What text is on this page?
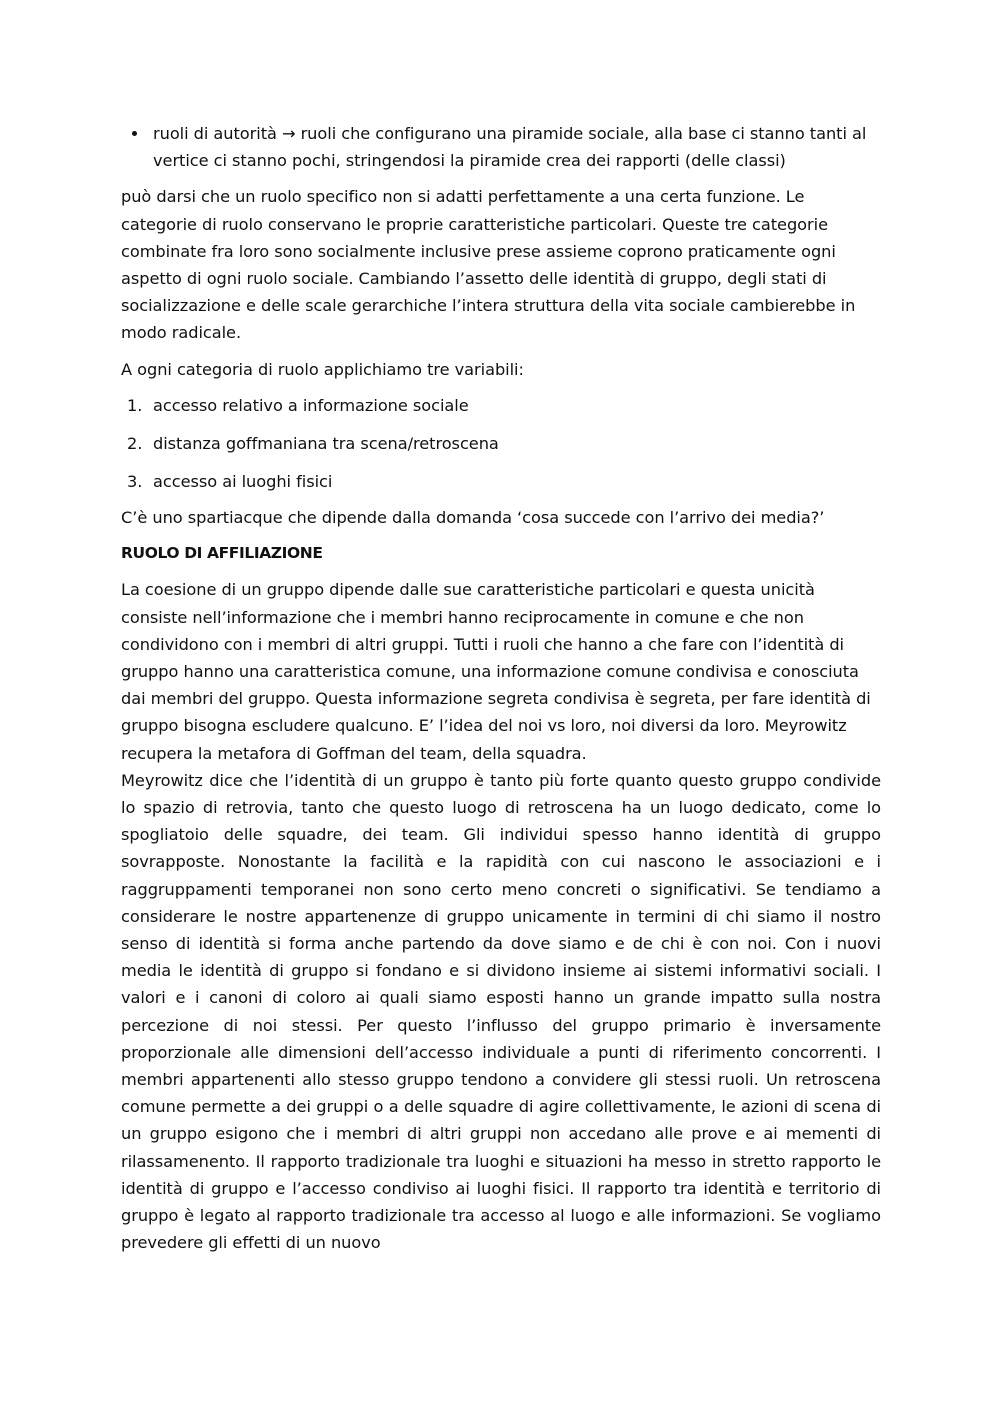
ruoli di autorità → ruoli che configurano una piramide sociale, alla base ci stanno tanti al vertice ci stanno pochi, stringendosi la piramide crea dei rapporti (delle classi)

può darsi che un ruolo specifico non si adatti perfettamente a una certa funzione. Le categorie di ruolo conservano le proprie caratteristiche particolari. Queste tre categorie combinate fra loro sono socialmente inclusive prese assieme coprono praticamente ogni aspetto di ogni ruolo sociale. Cambiando l’assetto delle identità di gruppo, degli stati di socializzazione e delle scale gerarchiche l’intera struttura della vita sociale cambierebbe in modo radicale.

A ogni categoria di ruolo applichiamo tre variabili:

1. accesso relativo a informazione sociale
2. distanza goffmaniana tra scena/retroscena
3. accesso ai luoghi fisici

C’è uno spartiacque che dipende dalla domanda ‘cosa succede con l’arrivo dei media?’

RUOLO DI AFFILIAZIONE

La coesione di un gruppo dipende dalle sue caratteristiche particolari e questa unicità consiste nell’informazione che i membri hanno reciprocamente in comune e che non condividono con i membri di altri gruppi. Tutti i ruoli che hanno a che fare con l’identità di gruppo hanno una caratteristica comune, una informazione comune condivisa e conosciuta dai membri del gruppo. Questa informazione segreta condivisa è segreta, per fare identità di gruppo bisogna escludere qualcuno. E’ l’idea del noi vs loro, noi diversi da loro. Meyrowitz recupera la metafora di Goffman del team, della squadra.

Meyrowitz dice che l’identità di un gruppo è tanto più forte quanto questo gruppo condivide lo spazio di retrovia, tanto che questo luogo di retroscena ha un luogo dedicato, come lo spogliatoio delle squadre, dei team. Gli individui spesso hanno identità di gruppo sovrapposte. Nonostante la facilità e la rapidità con cui nascono le associazioni e i raggruppamenti temporanei non sono certo meno concreti o significativi. Se tendiamo a considerare le nostre appartenenze di gruppo unicamente in termini di chi siamo il nostro senso di identità si forma anche partendo da dove siamo e de chi è con noi. Con i nuovi media le identità di gruppo si fondano e si dividono insieme ai sistemi informativi sociali. I valori e i canoni di coloro ai quali siamo esposti hanno un grande impatto sulla nostra percezione di noi stessi. Per questo l’influsso del gruppo primario è inversamente proporzionale alle dimensioni dell’accesso individuale a punti di riferimento concorrenti. I membri appartenenti allo stesso gruppo tendono a convidere gli stessi ruoli. Un retroscena comune permette a dei gruppi o a delle squadre di agire collettivamente, le azioni di scena di un gruppo esigono che i membri di altri gruppi non accedano alle prove e ai mementi di rilassamenento. Il rapporto tradizionale tra luoghi e situazioni ha messo in stretto rapporto le identità di gruppo e l’accesso condiviso ai luoghi fisici. Il rapporto tra identità e territorio di gruppo è legato al rapporto tradizionale tra accesso al luogo e alle informazioni. Se vogliamo prevedere gli effetti di un nuovo
